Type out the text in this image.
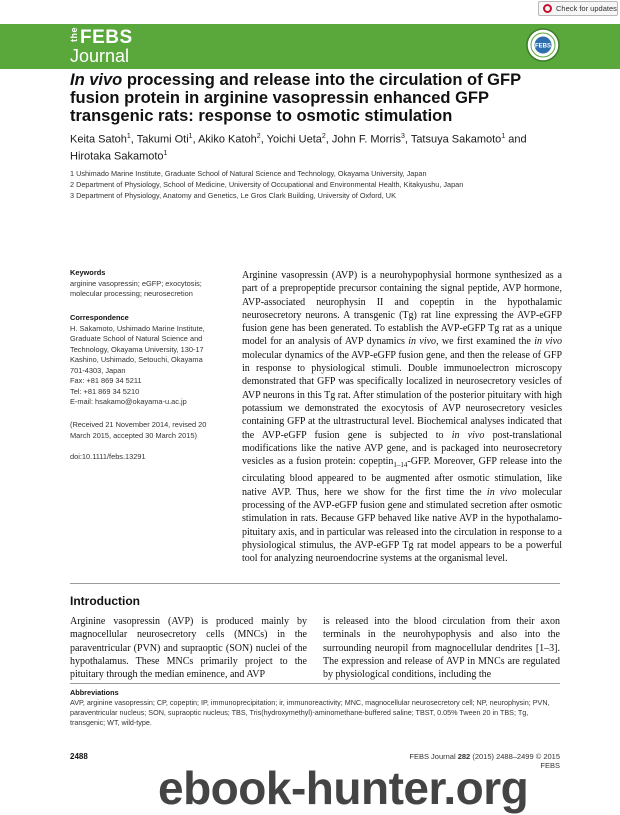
Check for updates
the FEBS
Journal	FEBS
In vivo processing and release into the circulation of GFP fusion protein in arginine vasopressin enhanced GFP transgenic rats: response to osmotic stimulation
Keita Satoh$^1$, Takumi Oti$^1$, Akiko Katoh$^2$, Yoichi Ueta$^2$, John F. Morris$^3$, Tatsuya Sakamoto$^1$ and Hirotaka Sakamoto$^1$
1 Ushimado Marine Institute, Graduate School of Natural Science and Technology, Okayama University, Japan
2 Department of Physiology, School of Medicine, University of Occupational and Environmental Health, Kitakyushu, Japan
3 Department of Physiology, Anatomy and Genetics, Le Gros Clark Building, University of Oxford, UK
Keywords
arginine vasopressin; eGFP; exocytosis; molecular processing; neurosecretion
Correspondence
H. Sakamoto, Ushimado Marine Institute,
Graduate School of Natural Science and
Technology, Okayama University, 130-17
Kashino, Ushimado, Setouchi, Okayama
701-4303, Japan
Fax: +81 869 34 5211
Tel: +81 869 34 5210
E-mail: hsakamo@okayama-u.ac.jp
(Received 21 November 2014, revised 20
March 2015, accepted 30 March 2015)
doi:10.1111/febs.13291
Arginine vasopressin (AVP) is a neurohypophysial hormone synthesized as a part of a prepropeptide precursor containing the signal peptide, AVP hormone, AVP-associated neurophysin II and copeptin in the hypothalamic neurosecretory neurons. A transgenic (Tg) rat line expressing the AVP-eGFP fusion gene has been generated. To establish the AVP-eGFP Tg rat as a unique model for an analysis of AVP dynamics in vivo, we first examined the in vivo molecular dynamics of the AVP-eGFP fusion gene, and then the release of GFP in response to physiological stimuli. Double immunoelectron microscopy demonstrated that GFP was specifically localized in neurosecretory vesicles of AVP neurons in this Tg rat. After stimulation of the posterior pituitary with high potassium we demonstrated the exocytosis of AVP neurosecretory vesicles containing GFP at the ultrastructural level. Biochemical analyses indicated that the AVP-eGFP fusion gene is subjected to in vivo post-translational modifications like the native AVP gene, and is packaged into neurosecretory vesicles as a fusion protein: copeptin$_{1-14}$-GFP. Moreover, GFP release into the circulating blood appeared to be augmented after osmotic stimulation, like native AVP. Thus, here we show for the first time the in vivo molecular processing of the AVP-eGFP fusion gene and stimulated secretion after osmotic stimulation in rats. Because GFP behaved like native AVP in the hypothalamo-pituitary axis, and in particular was released into the circulation in response to a physiological stimulus, the AVP-eGFP Tg rat model appears to be a powerful tool for analyzing neuroendocrine systems at the organismal level.
Introduction
Arginine vasopressin (AVP) is produced mainly by magnocellular neurosecretory cells (MNCs) in the paraventricular (PVN) and supraoptic (SON) nuclei of the hypothalamus. These MNCs primarily project to the pituitary through the median eminence, and AVP
is released into the blood circulation from their axon terminals in the neurohypophysis and also into the surrounding neuropil from magnocellular dendrites [1–3]. The expression and release of AVP in MNCs are regulated by physiological conditions, including the
Abbreviations
AVP, arginine vasopressin; CP, copeptin; IP, immunoprecipitation; ir, immunoreactivity; MNC, magnocellular neurosecretory cell; NP, neurophysin; PVN, paraventricular nucleus; SON, supraoptic nucleus; TBS, Tris(hydroxymethyl)-aminomethane-buffered saline; TBST, 0.05% Tween 20 in TBS; Tg, transgenic; WT, wild-type.
2488	FEBS Journal 282 (2015) 2488–2499 © 2015 FEBS
ebook-hunter.org
